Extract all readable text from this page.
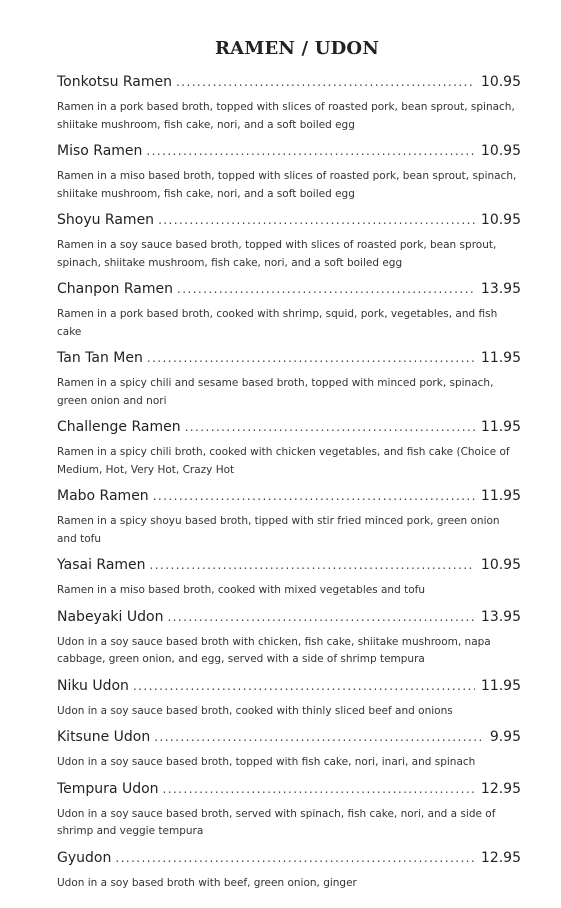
RAMEN / UDON
Tonkotsu Ramen . . .	10.95
Ramen in a pork based broth, topped with slices of roasted pork, bean sprout, spinach, shiitake mushroom, fish cake, nori, and a soft boiled egg
Miso Ramen . . .	10.95
Ramen in a miso based broth, topped with slices of roasted pork, bean sprout, spinach, shiitake mushroom, fish cake, nori, and a soft boiled egg
Shoyu Ramen . . .	10.95
Ramen in a soy sauce based broth, topped with slices of roasted pork, bean sprout, spinach, shiitake mushroom, fish cake, nori, and a soft boiled egg
Chanpon Ramen . . .	13.95
Ramen in a pork based broth, cooked with shrimp, squid, pork, vegetables, and fish cake
Tan Tan Men . . .	11.95
Ramen in a spicy chili and sesame based broth, topped with minced pork, spinach, green onion and nori
Challenge Ramen . . .	11.95
Ramen in a spicy chili broth, cooked with chicken vegetables, and fish cake (Choice of Medium, Hot, Very Hot, Crazy Hot
Mabo Ramen . . .	11.95
Ramen in a spicy shoyu based broth, tipped with stir fried minced pork, green onion and tofu
Yasai Ramen . . .	10.95
Ramen in a miso based broth, cooked with mixed vegetables and tofu
Nabeyaki Udon . . .	13.95
Udon in a soy sauce based broth with chicken, fish cake, shiitake mushroom, napa cabbage, green onion, and egg, served with a side of shrimp tempura
Niku Udon . . .	11.95
Udon in a soy sauce based broth, cooked with thinly sliced beef and onions
Kitsune Udon . . .	9.95
Udon in a soy sauce based broth, topped with fish cake, nori, inari, and spinach
Tempura Udon . . .	12.95
Udon in a soy sauce based broth, served with spinach, fish cake, nori, and a side of shrimp and veggie tempura
Gyudon . . .	12.95
Udon in a soy based broth with beef, green onion, ginger
